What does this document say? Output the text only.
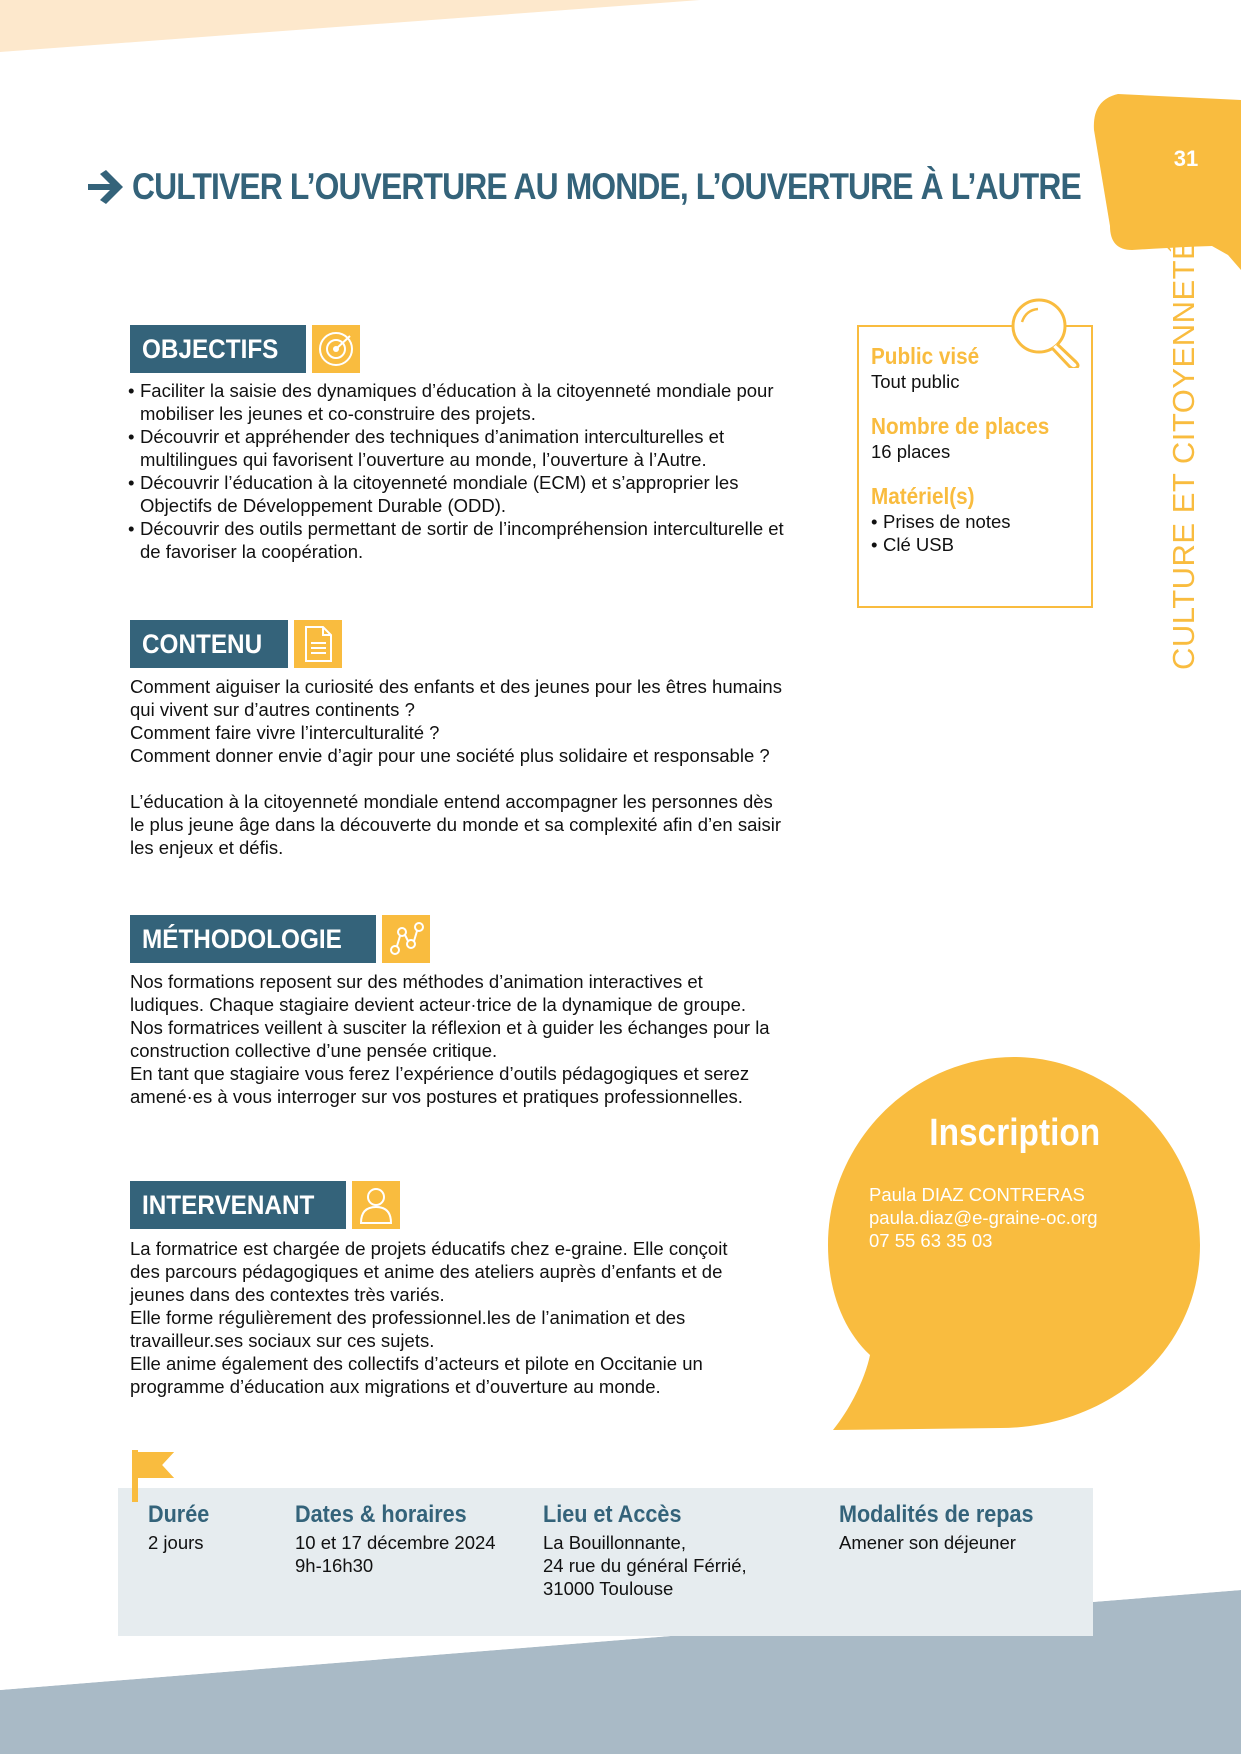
31
CULTIVER L’OUVERTURE AU MONDE, L’OUVERTURE À L’AUTRE
OBJECTIFS
• Faciliter la saisie des dynamiques d’éducation à la citoyenneté mondiale pour mobiliser les jeunes et co-construire des projets.
• Découvrir et appréhender des techniques d’animation interculturelles et multilingues qui favorisent l’ouverture au monde, l’ouverture à l’Autre.
• Découvrir l’éducation à la citoyenneté mondiale (ECM) et s’approprier les Objectifs de Développement Durable (ODD).
• Découvrir des outils permettant de sortir de l’incompréhension interculturelle et de favoriser la coopération.
Public visé
Tout public
Nombre de places
16 places
Matériel(s)
• Prises de notes
• Clé USB	CULTURE ET CITOYENNETÉ
CONTENU

Comment aiguiser la curiosité des enfants et des jeunes pour les êtres humains qui vivent sur d’autres continents ?

Comment faire vivre l’interculturalité ?

Comment donner envie d’agir pour une société plus solidaire et responsable ?

L’éducation à la citoyenneté mondiale entend accompagner les personnes dès le plus jeune âge dans la découverte du monde et sa complexité afin d’en saisir les enjeux et défis.

MÉTHODOLOGIE

Nos formations reposent sur des méthodes d’animation interactives et ludiques. Chaque stagiaire devient acteur·trice de la dynamique de groupe. Nos formatrices veillent à susciter la réflexion et à guider les échanges pour la construction collective d’une pensée critique.

En tant que stagiaire vous ferez l’expérience d’outils pédagogiques et serez amené·es à vous interroger sur vos postures et pratiques professionnelles.

INTERVENANT

La formatrice est chargée de projets éducatifs chez e-graine. Elle conçoit des parcours pédagogiques et anime des ateliers auprès d’enfants et de jeunes dans des contextes très variés.

Elle forme régulièrement des professionnel.les de l’animation et des travailleur.ses sociaux sur ces sujets.

Elle anime également des collectifs d’acteurs et pilote en Occitanie un programme d’éducation aux migrations et d’ouverture au monde.

Inscription
Paula DIAZ CONTRERAS
paula.diaz@e-graine-oc.org
07 55 63 35 03
Durée
2 jours
Dates & horaires
10 et 17 décembre 2024
9h-16h30
Lieu et Accès
La Bouillonnante,
24 rue du général Férrié,
31000 Toulouse
Modalités de repas
Amener son déjeuner
